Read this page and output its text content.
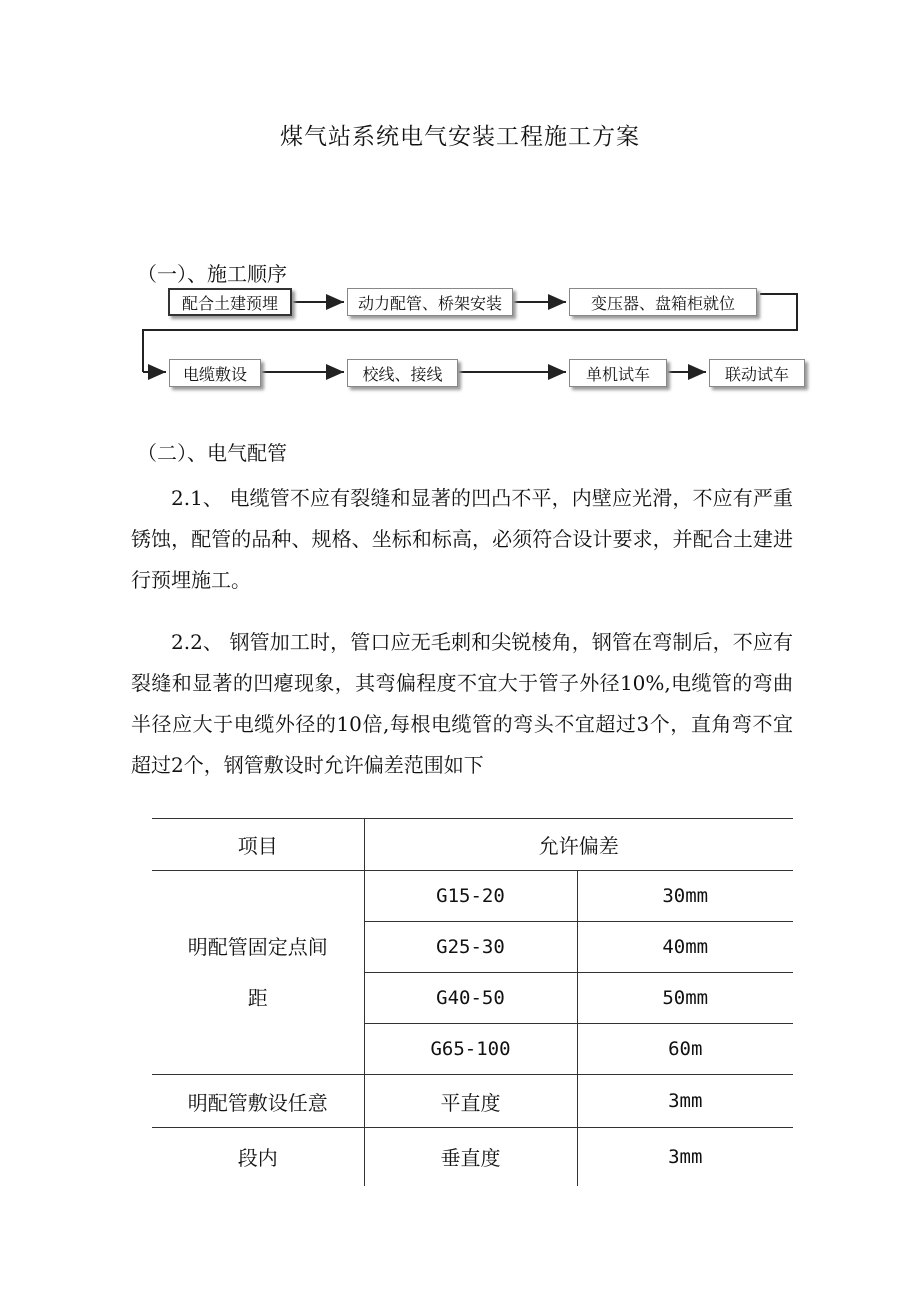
煤气站系统电气安装工程施工方案
（一）、施工顺序
配合土建预埋	动力配管、桥架安装	变压器、盘箱柜就位
电缆敷设	校线、接线	单机试车	联动试车
（二）、电气配管

2.1、 电缆管不应有裂缝和显著的凹凸不平，内壁应光滑，不应有严重锈蚀，配管的品种、规格、坐标和标高，必须符合设计要求，并配合土建进行预埋施工。

2.2、 钢管加工时，管口应无毛刺和尖锐棱角，钢管在弯制后，不应有裂缝和显著的凹瘪现象，其弯偏程度不宜大于管子外径10%,电缆管的弯曲半径应大于电缆外径的10倍,每根电缆管的弯头不宜超过3个，直角弯不宜超过2个，钢管敷设时允许偏差范围如下

项目	允许偏差	

明配管固定点间
距	G15-20	30mm
	G25-30	40mm
	G40-50	50mm
	G65-100	60m
明配管敷设任意	平直度	3mm
段内	垂直度	3mm
